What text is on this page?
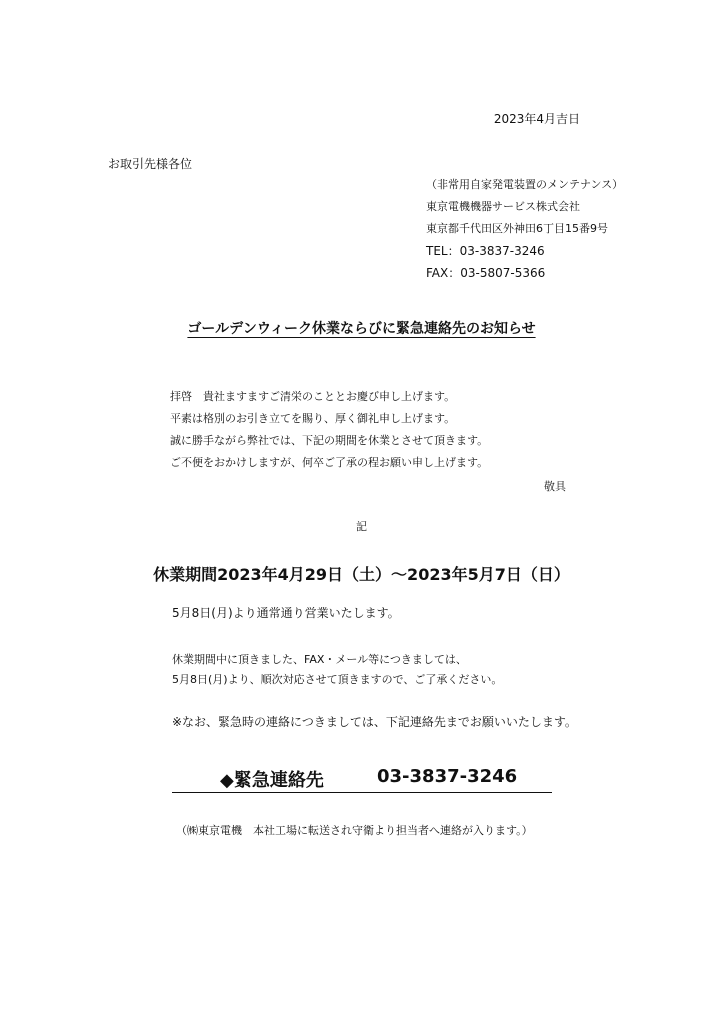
2023年4月吉日
お取引先様各位
（非常用自家発電装置のメンテナンス）
東京電機機器サービス株式会社
東京都千代田区外神田6丁目15番9号
TEL：03-3837-3246
FAX：03-5807-5366
ゴールデンウィーク休業ならびに緊急連絡先のお知らせ
拝啓　貴社ますますご清栄のこととお慶び申し上げます。
平素は格別のお引き立てを賜り、厚く御礼申し上げます。
誠に勝手ながら弊社では、下記の期間を休業とさせて頂きます。
ご不便をおかけしますが、何卒ご了承の程お願い申し上げます。
敬具
記
休業期間2023年4月29日（土）～2023年5月7日（日）
5月8日(月)より通常通り営業いたします。
休業期間中に頂きました、FAX・メール等につきましては、
5月8日(月)より、順次対応させて頂きますので、ご了承ください。
※なお、緊急時の連絡につきましては、下記連絡先までお願いいたします。
◆緊急連絡先	03-3837-3246
（㈱東京電機　本社工場に転送され守衛より担当者へ連絡が入ります。）
